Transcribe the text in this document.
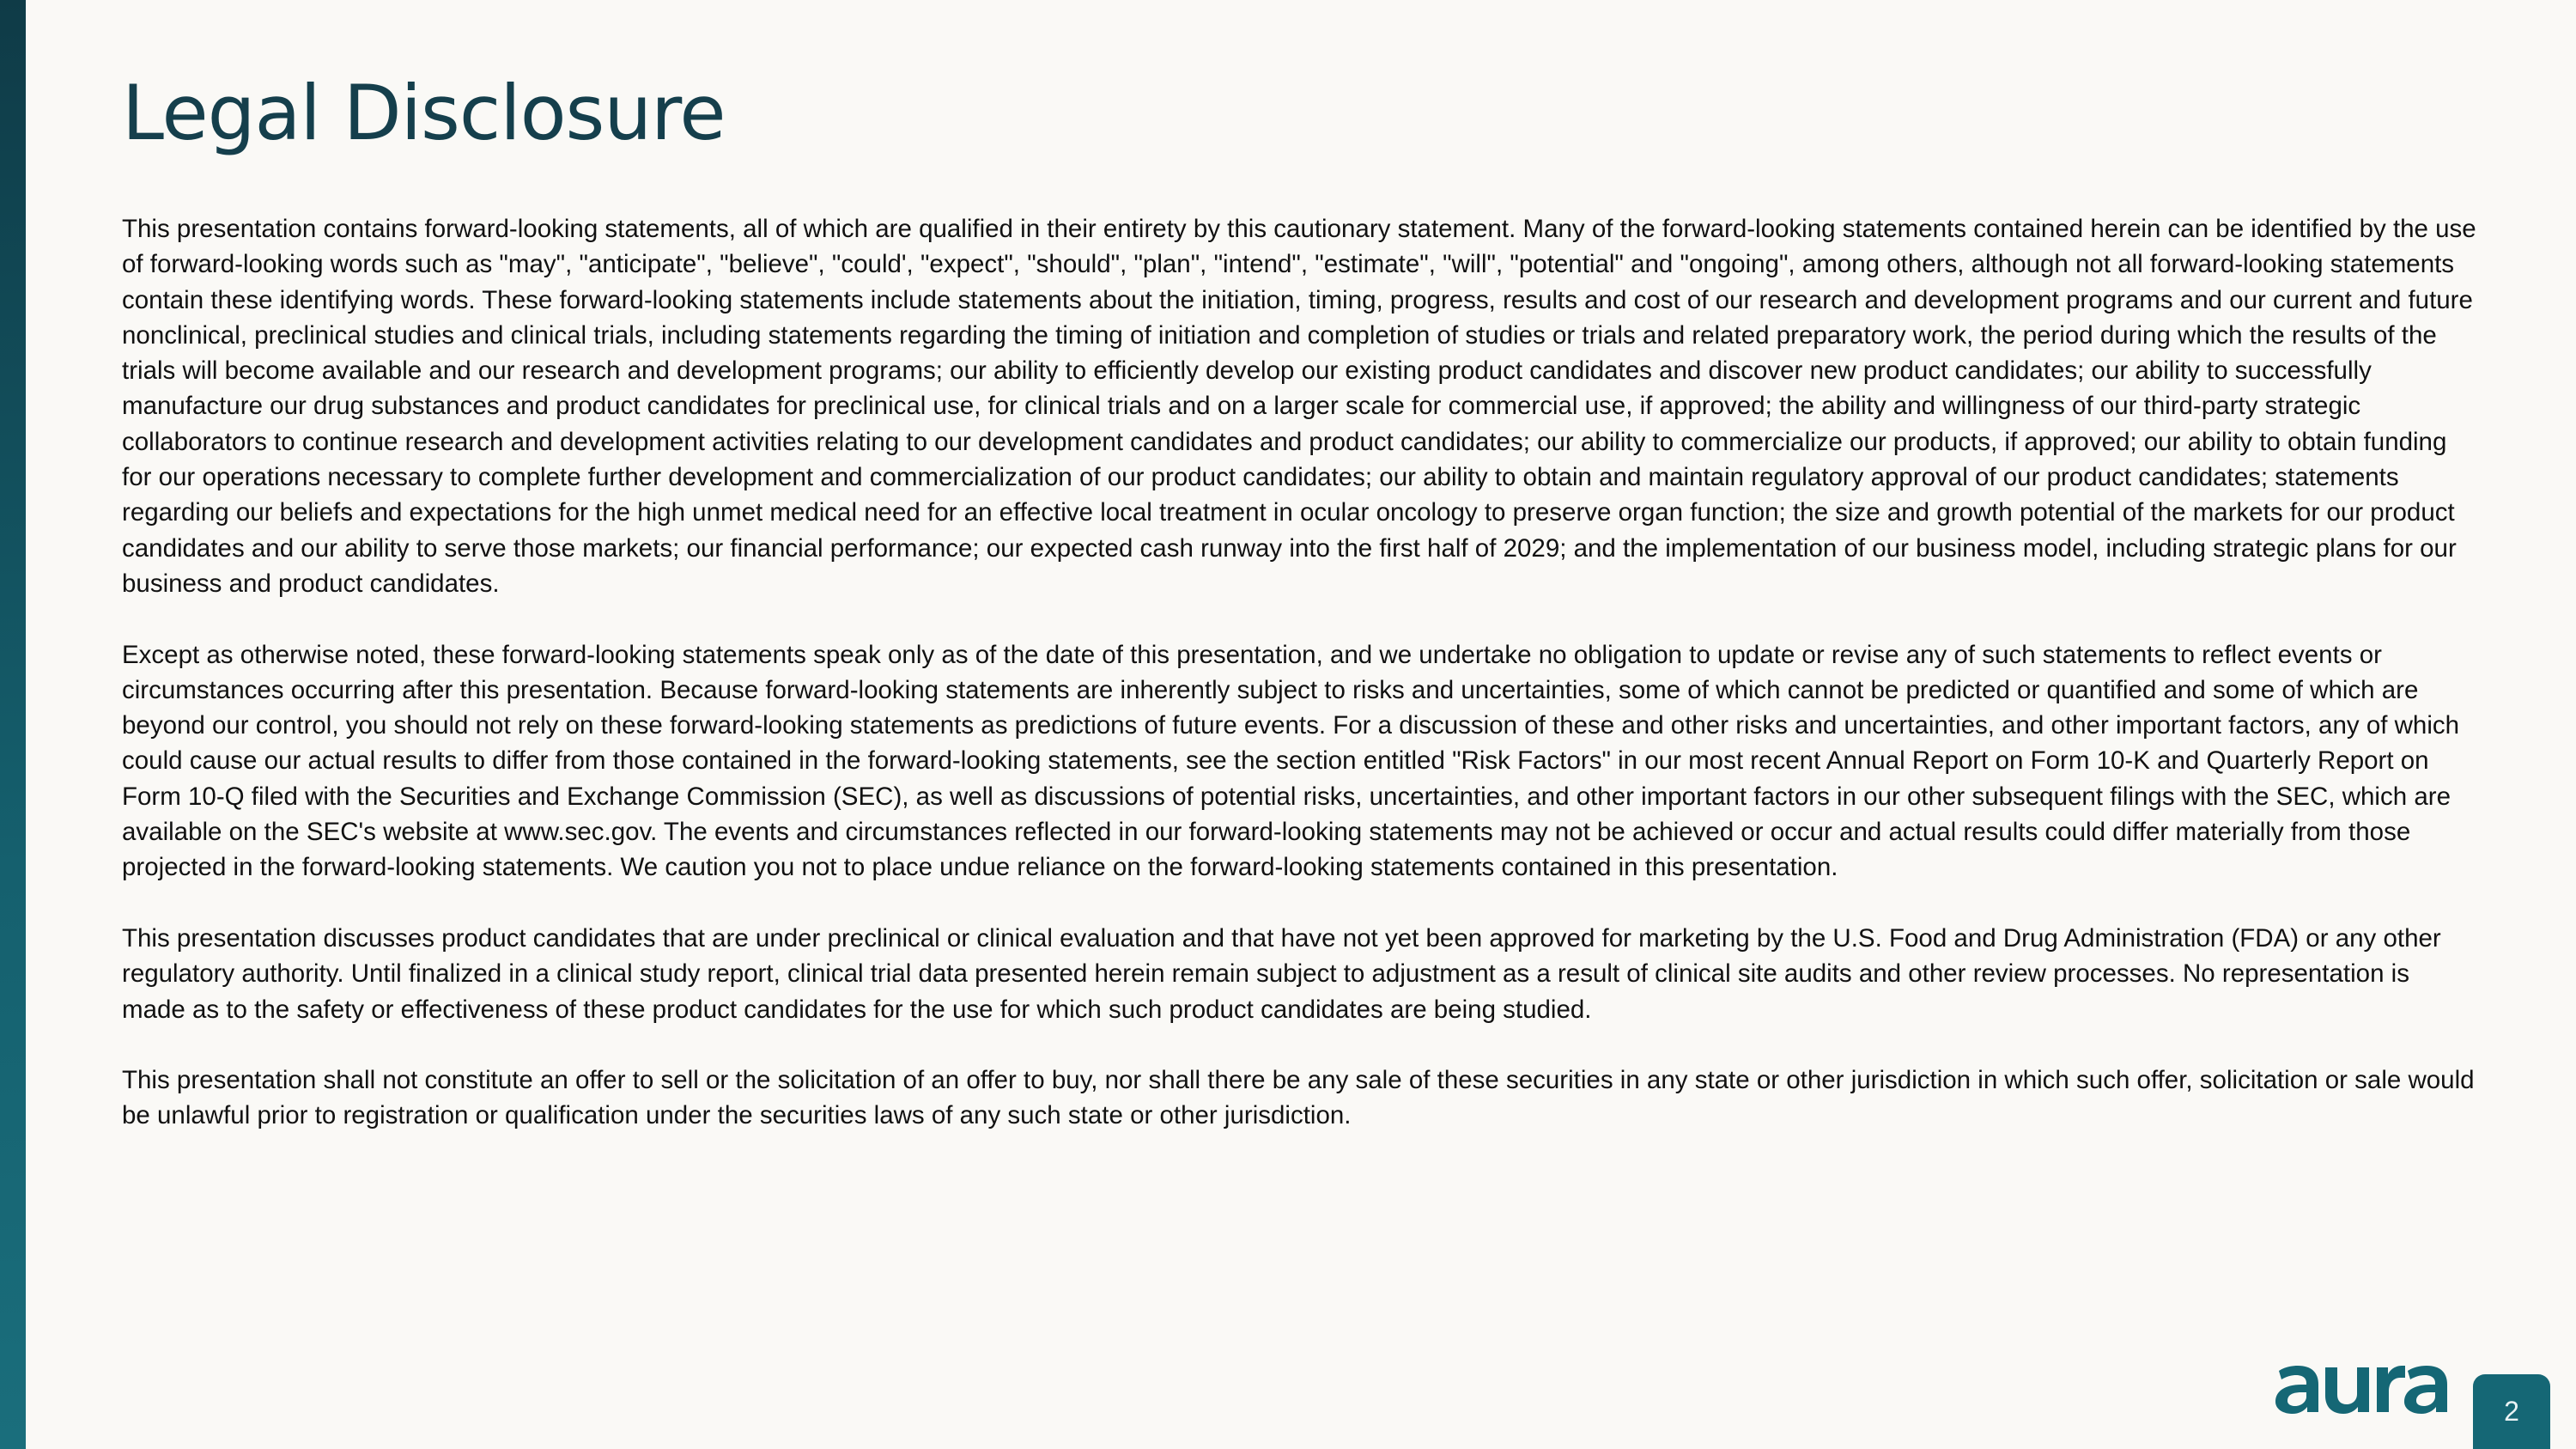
Legal Disclosure

This presentation contains forward-looking statements, all of which are qualified in their entirety by this cautionary statement. Many of the forward-looking statements contained herein can be identified by the use of forward-looking words such as "may", "anticipate", "believe", "could', "expect", "should", "plan", "intend", "estimate", "will", "potential" and "ongoing", among others, although not all forward-looking statements contain these identifying words. These forward-looking statements include statements about the initiation, timing, progress, results and cost of our research and development programs and our current and future nonclinical, preclinical studies and clinical trials, including statements regarding the timing of initiation and completion of studies or trials and related preparatory work, the period during which the results of the trials will become available and our research and development programs; our ability to efficiently develop our existing product candidates and discover new product candidates; our ability to successfully manufacture our drug substances and product candidates for preclinical use, for clinical trials and on a larger scale for commercial use, if approved; the ability and willingness of our third-party strategic collaborators to continue research and development activities relating to our development candidates and product candidates; our ability to commercialize our products, if approved; our ability to obtain funding for our operations necessary to complete further development and commercialization of our product candidates; our ability to obtain and maintain regulatory approval of our product candidates; statements regarding our beliefs and expectations for the high unmet medical need for an effective local treatment in ocular oncology to preserve organ function; the size and growth potential of the markets for our product candidates and our ability to serve those markets; our financial performance; our expected cash runway into the first half of 2029; and the implementation of our business model, including strategic plans for our business and product candidates.

Except as otherwise noted, these forward-looking statements speak only as of the date of this presentation, and we undertake no obligation to update or revise any of such statements to reflect events or circumstances occurring after this presentation. Because forward-looking statements are inherently subject to risks and uncertainties, some of which cannot be predicted or quantified and some of which are beyond our control, you should not rely on these forward-looking statements as predictions of future events. For a discussion of these and other risks and uncertainties, and other important factors, any of which could cause our actual results to differ from those contained in the forward-looking statements, see the section entitled "Risk Factors" in our most recent Annual Report on Form 10-K and Quarterly Report on Form 10-Q filed with the Securities and Exchange Commission (SEC), as well as discussions of potential risks, uncertainties, and other important factors in our other subsequent filings with the SEC, which are available on the SEC's website at www.sec.gov. The events and circumstances reflected in our forward-looking statements may not be achieved or occur and actual results could differ materially from those projected in the forward-looking statements. We caution you not to place undue reliance on the forward-looking statements contained in this presentation.

This presentation discusses product candidates that are under preclinical or clinical evaluation and that have not yet been approved for marketing by the U.S. Food and Drug Administration (FDA) or any other regulatory authority. Until finalized in a clinical study report, clinical trial data presented herein remain subject to adjustment as a result of clinical site audits and other review processes. No representation is made as to the safety or effectiveness of these product candidates for the use for which such product candidates are being studied.

This presentation shall not constitute an offer to sell or the solicitation of an offer to buy, nor shall there be any sale of these securities in any state or other jurisdiction in which such offer, solicitation or sale would be unlawful prior to registration or qualification under the securities laws of any such state or other jurisdiction.

2
